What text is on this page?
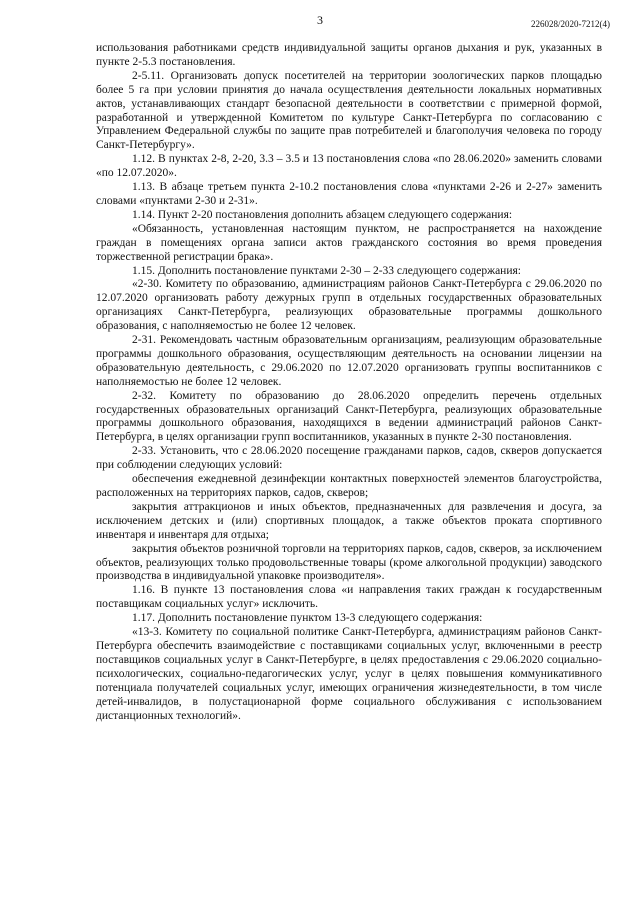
3	226028/2020-7212(4)

использования работниками средств индивидуальной защиты органов дыхания и рук, указанных в пункте 2-5.3 постановления.

2-5.11. Организовать допуск посетителей на территории зоологических парков площадью более 5 га при условии принятия до начала осуществления деятельности локальных нормативных актов, устанавливающих стандарт безопасной деятельности в соответствии с примерной формой, разработанной и утвержденной Комитетом по культуре Санкт-Петербурга по согласованию с Управлением Федеральной службы по защите прав потребителей и благополучия человека по городу Санкт-Петербургу».

1.12. В пунктах 2-8, 2-20, 3.3 – 3.5 и 13 постановления слова «по 28.06.2020» заменить словами «по 12.07.2020».

1.13. В абзаце третьем пункта 2-10.2 постановления слова «пунктами 2-26 и 2-27» заменить словами «пунктами 2-30 и 2-31».

1.14. Пункт 2-20 постановления дополнить абзацем следующего содержания:

«Обязанность, установленная настоящим пунктом, не распространяется на нахождение граждан в помещениях органа записи актов гражданского состояния во время проведения торжественной регистрации брака».

1.15. Дополнить постановление пунктами 2-30 – 2-33 следующего содержания:

«2-30. Комитету по образованию, администрациям районов Санкт-Петербурга с 29.06.2020 по 12.07.2020 организовать работу дежурных групп в отдельных государственных образовательных организациях Санкт-Петербурга, реализующих образовательные программы дошкольного образования, с наполняемостью не более 12 человек.

2-31. Рекомендовать частным образовательным организациям, реализующим образовательные программы дошкольного образования, осуществляющим деятельность на основании лицензии на образовательную деятельность, с 29.06.2020 по 12.07.2020 организовать группы воспитанников с наполняемостью не более 12 человек.

2-32. Комитету по образованию до 28.06.2020 определить перечень отдельных государственных образовательных организаций Санкт-Петербурга, реализующих образовательные программы дошкольного образования, находящихся в ведении администраций районов Санкт-Петербурга, в целях организации групп воспитанников, указанных в пункте 2-30 постановления.

2-33. Установить, что с 28.06.2020 посещение гражданами парков, садов, скверов допускается при соблюдении следующих условий:

обеспечения ежедневной дезинфекции контактных поверхностей элементов благоустройства, расположенных на территориях парков, садов, скверов;

закрытия аттракционов и иных объектов, предназначенных для развлечения и досуга, за исключением детских и (или) спортивных площадок, а также объектов проката спортивного инвентаря и инвентаря для отдыха;

закрытия объектов розничной торговли на территориях парков, садов, скверов, за исключением объектов, реализующих только продовольственные товары (кроме алкогольной продукции) заводского производства в индивидуальной упаковке производителя».

1.16. В пункте 13 постановления слова «и направления таких граждан к государственным поставщикам социальных услуг» исключить.

1.17. Дополнить постановление пунктом 13-3 следующего содержания:

«13-3. Комитету по социальной политике Санкт-Петербурга, администрациям районов Санкт-Петербурга обеспечить взаимодействие с поставщиками социальных услуг, включенными в реестр поставщиков социальных услуг в Санкт-Петербурге, в целях предоставления с 29.06.2020 социально-психологических, социально-педагогических услуг, услуг в целях повышения коммуникативного потенциала получателей социальных услуг, имеющих ограничения жизнедеятельности, в том числе детей-инвалидов, в полустационарной форме социального обслуживания с использованием дистанционных технологий».
